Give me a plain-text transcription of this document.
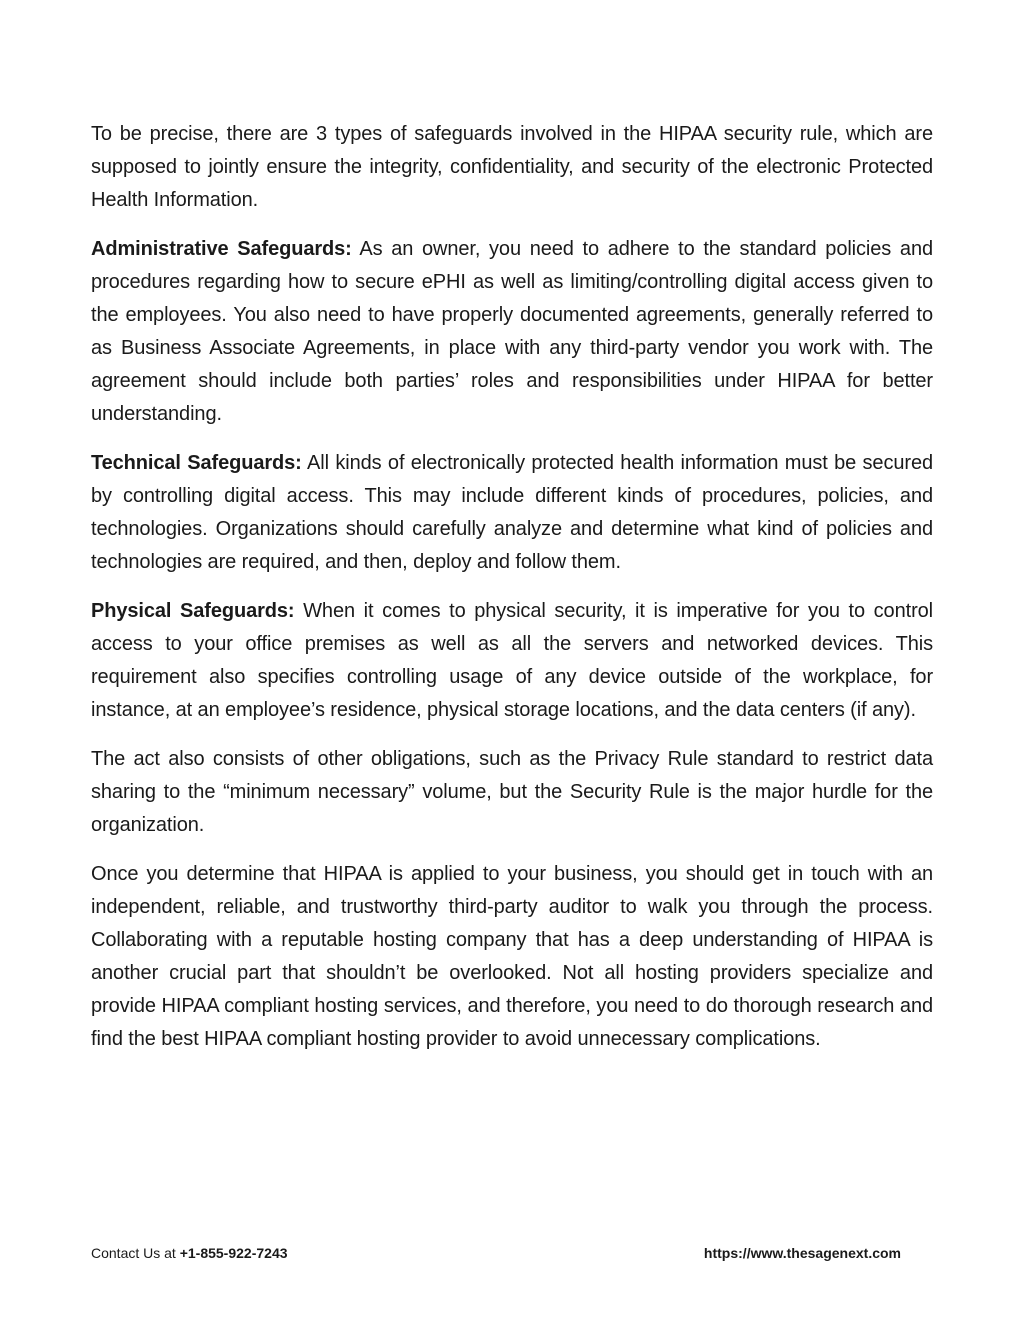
To be precise, there are 3 types of safeguards involved in the HIPAA security rule, which are supposed to jointly ensure the integrity, confidentiality, and security of the electronic Protected Health Information.

Administrative Safeguards: As an owner, you need to adhere to the standard policies and procedures regarding how to secure ePHI as well as limiting/controlling digital access given to the employees. You also need to have properly documented agreements, generally referred to as Business Associate Agreements, in place with any third-party vendor you work with. The agreement should include both parties’ roles and responsibilities under HIPAA for better understanding.

Technical Safeguards: All kinds of electronically protected health information must be secured by controlling digital access. This may include different kinds of procedures, policies, and technologies. Organizations should carefully analyze and determine what kind of policies and technologies are required, and then, deploy and follow them.

Physical Safeguards: When it comes to physical security, it is imperative for you to control access to your office premises as well as all the servers and networked devices. This requirement also specifies controlling usage of any device outside of the workplace, for instance, at an employee’s residence, physical storage locations, and the data centers (if any).

The act also consists of other obligations, such as the Privacy Rule standard to restrict data sharing to the “minimum necessary” volume, but the Security Rule is the major hurdle for the organization.

Once you determine that HIPAA is applied to your business, you should get in touch with an independent, reliable, and trustworthy third-party auditor to walk you through the process. Collaborating with a reputable hosting company that has a deep understanding of HIPAA is another crucial part that shouldn’t be overlooked. Not all hosting providers specialize and provide HIPAA compliant hosting services, and therefore, you need to do thorough research and find the best HIPAA compliant hosting provider to avoid unnecessary complications.

Contact Us at +1-855-922-7243	https://www.thesagenext.com
